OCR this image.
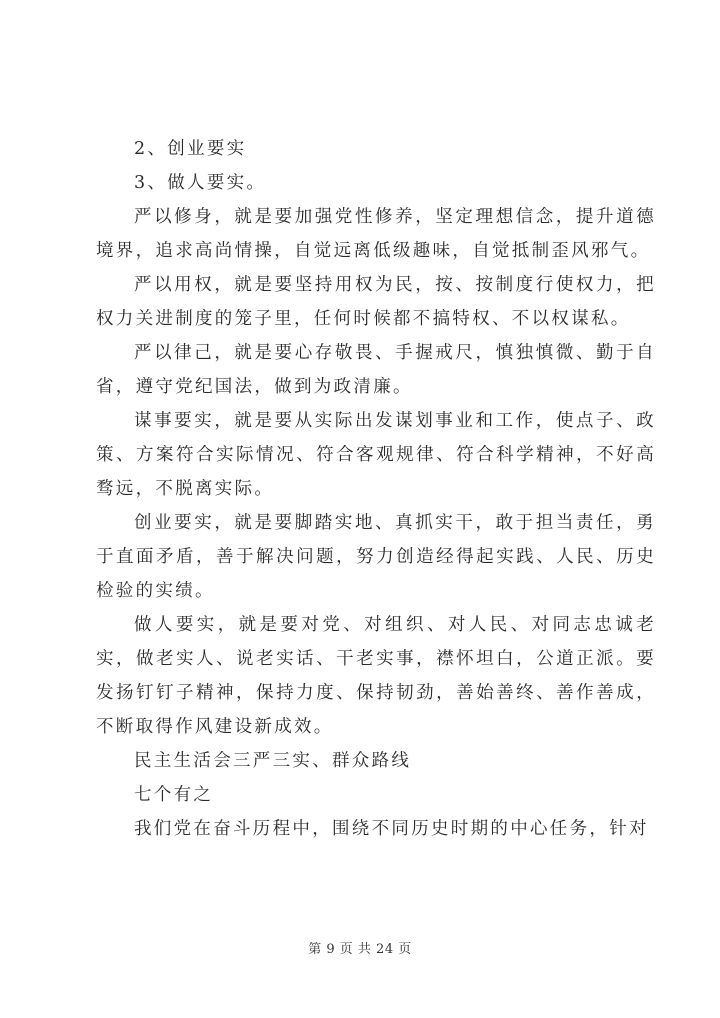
2、创业要实

3、做人要实。

严以修身，就是要加强党性修养，坚定理想信念，提升道德境界，追求高尚情操，自觉远离低级趣味，自觉抵制歪风邪气。

严以用权，就是要坚持用权为民，按、按制度行使权力，把权力关进制度的笼子里，任何时候都不搞特权、不以权谋私。

严以律己，就是要心存敬畏、手握戒尺，慎独慎微、勤于自省，遵守党纪国法，做到为政清廉。

谋事要实，就是要从实际出发谋划事业和工作，使点子、政策、方案符合实际情况、符合客观规律、符合科学精神，不好高骛远，不脱离实际。

创业要实，就是要脚踏实地、真抓实干，敢于担当责任，勇于直面矛盾，善于解决问题，努力创造经得起实践、人民、历史检验的实绩。

做人要实，就是要对党、对组织、对人民、对同志忠诚老实，做老实人、说老实话、干老实事，襟怀坦白，公道正派。要发扬钉钉子精神，保持力度、保持韧劲，善始善终、善作善成，不断取得作风建设新成效。

民主生活会三严三实、群众路线

七个有之

我们党在奋斗历程中，围绕不同历史时期的中心任务，针对

第 9 页 共 24 页
